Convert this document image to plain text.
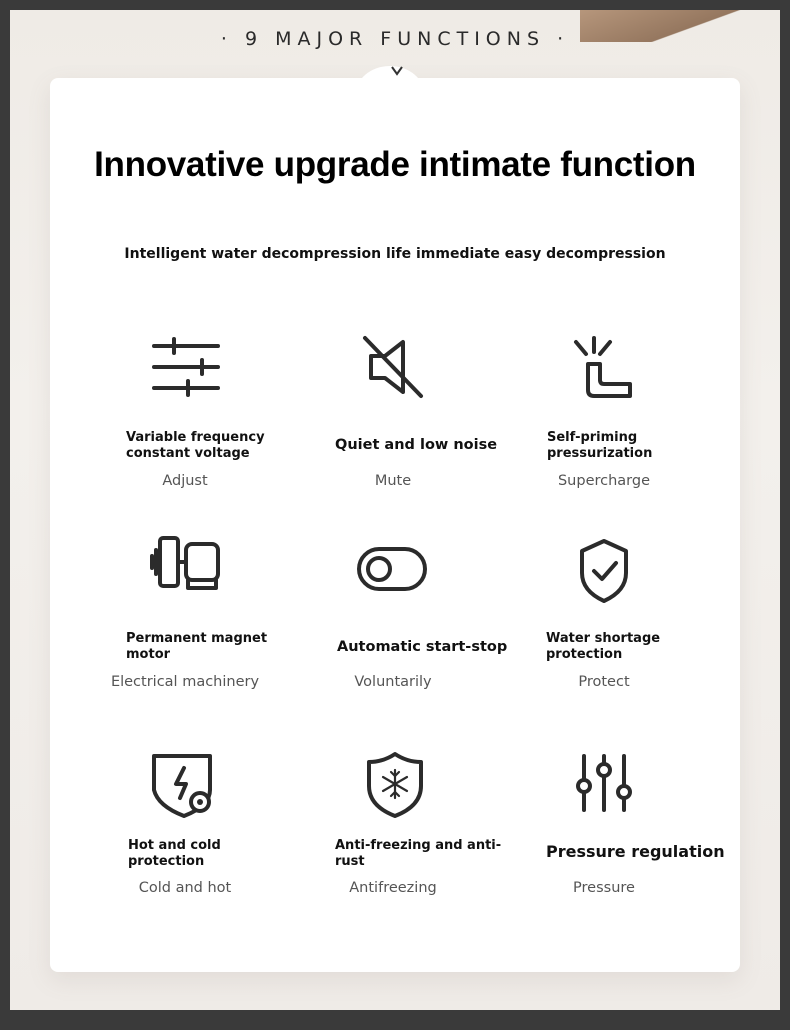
· 9 MAJOR FUNCTIONS ·
Innovative upgrade intimate function
Intelligent water decompression life immediate easy decompression
Variable frequency constant voltage
Adjust
Quiet and low noise
Mute
Self-priming pressurization
Supercharge
Permanent magnet motor
Electrical machinery
Automatic start-stop
Voluntarily
Water shortage protection
Protect
Hot and cold protection
Cold and hot
Anti-freezing and anti-rust
Antifreezing
Pressure regulation
Pressure
